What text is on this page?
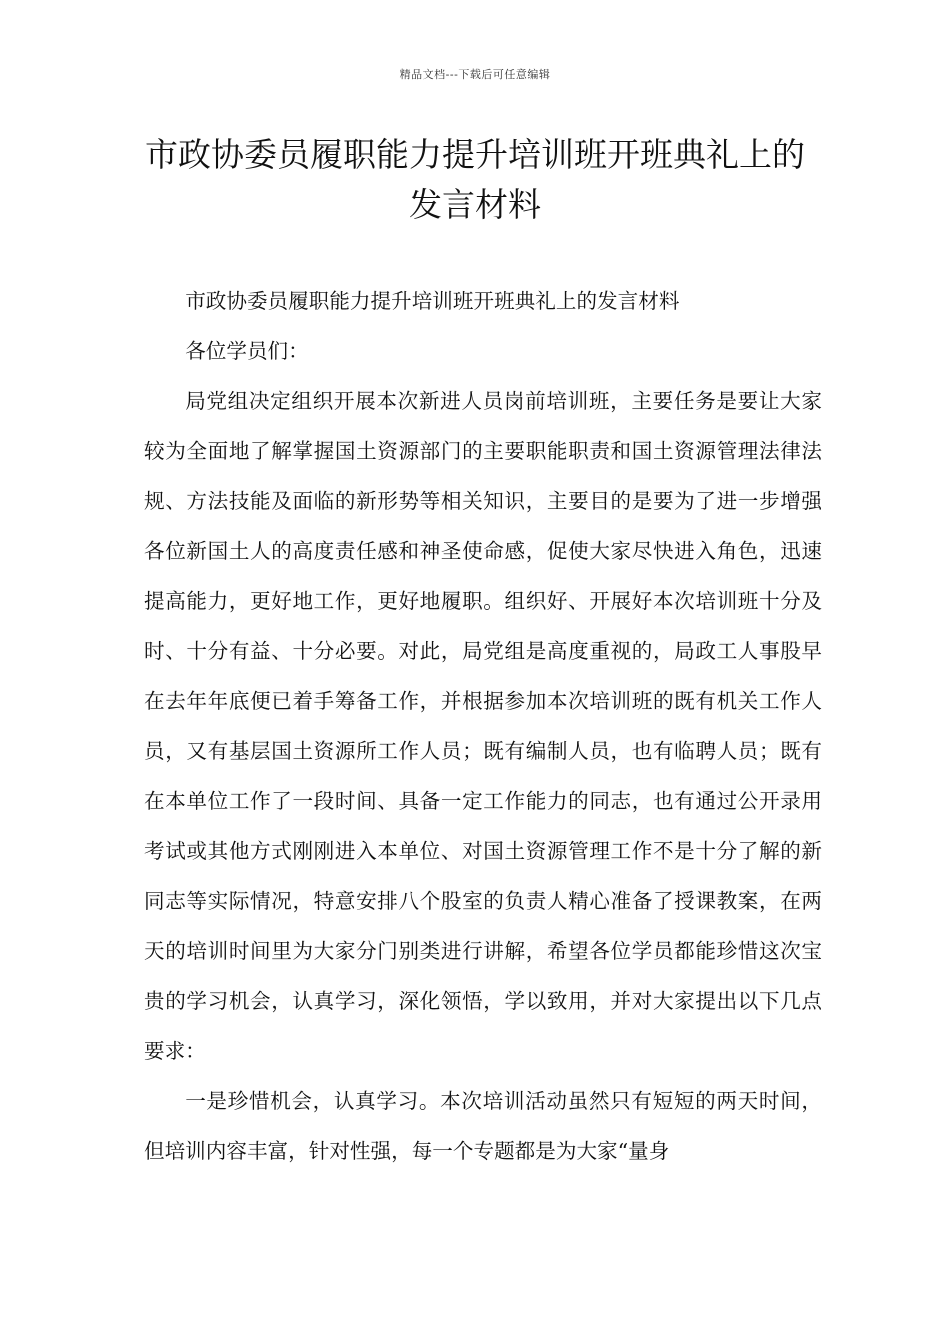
精品文档---下载后可任意编辑
市政协委员履职能力提升培训班开班典礼上的发言材料

市政协委员履职能力提升培训班开班典礼上的发言材料

各位学员们：

局党组决定组织开展本次新进人员岗前培训班，主要任务是要让大家较为全面地了解掌握国土资源部门的主要职能职责和国土资源管理法律法规、方法技能及面临的新形势等相关知识，主要目的是要为了进一步增强各位新国土人的高度责任感和神圣使命感，促使大家尽快进入角色，迅速提高能力，更好地工作，更好地履职。组织好、开展好本次培训班十分及时、十分有益、十分必要。对此，局党组是高度重视的，局政工人事股早在去年年底便已着手筹备工作，并根据参加本次培训班的既有机关工作人员，又有基层国土资源所工作人员；既有编制人员，也有临聘人员；既有在本单位工作了一段时间、具备一定工作能力的同志，也有通过公开录用考试或其他方式刚刚进入本单位、对国土资源管理工作不是十分了解的新同志等实际情况，特意安排八个股室的负责人精心准备了授课教案，在两天的培训时间里为大家分门别类进行讲解，希望各位学员都能珍惜这次宝贵的学习机会，认真学习，深化领悟，学以致用，并对大家提出以下几点要求：

一是珍惜机会，认真学习。本次培训活动虽然只有短短的两天时间，但培训内容丰富，针对性强，每一个专题都是为大家“量身
